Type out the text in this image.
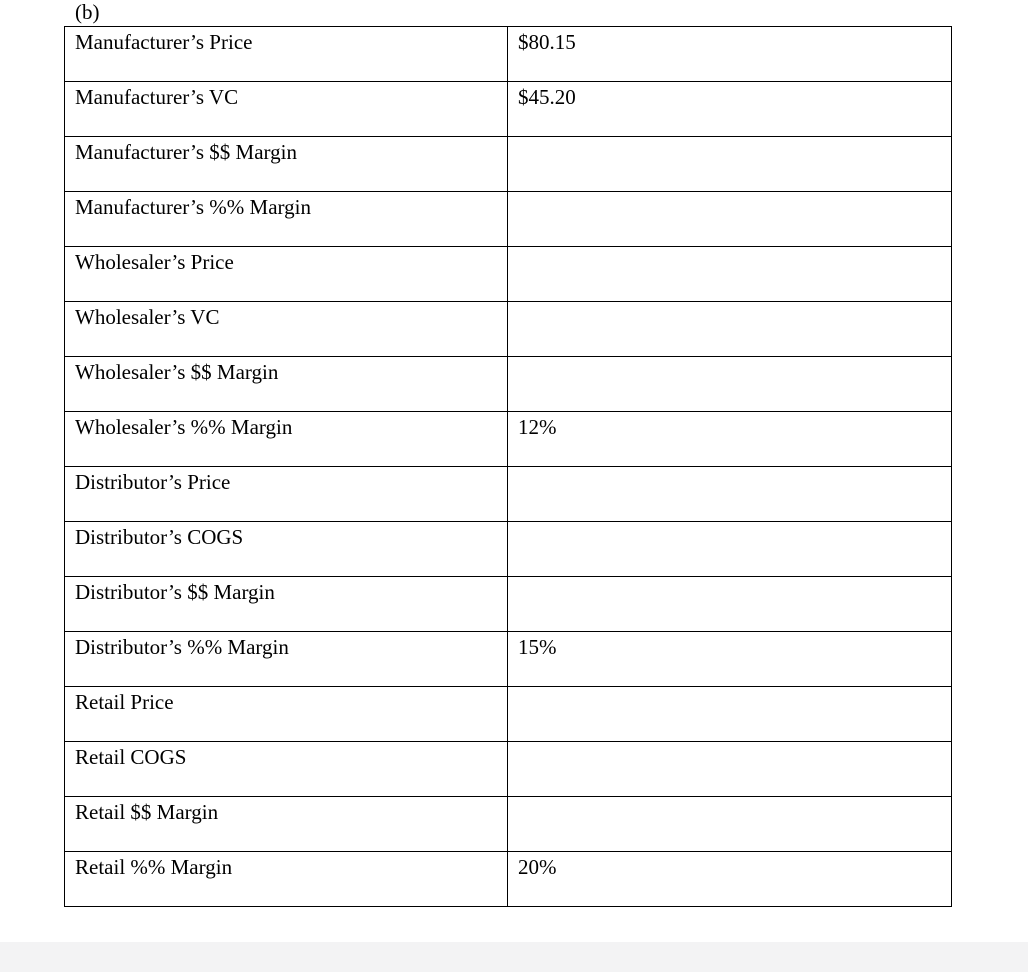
(b)
Manufacturer’s Price	$80.15

Manufacturer’s VC	$45.20

Manufacturer’s $$ Margin	

Manufacturer’s %% Margin	

Wholesaler’s Price	

Wholesaler’s VC	

Wholesaler’s $$ Margin	

Wholesaler’s %% Margin	12%

Distributor’s Price	

Distributor’s COGS	

Distributor’s $$ Margin	

Distributor’s %% Margin	15%

Retail Price	

Retail COGS	

Retail $$ Margin	

Retail %% Margin	20%
